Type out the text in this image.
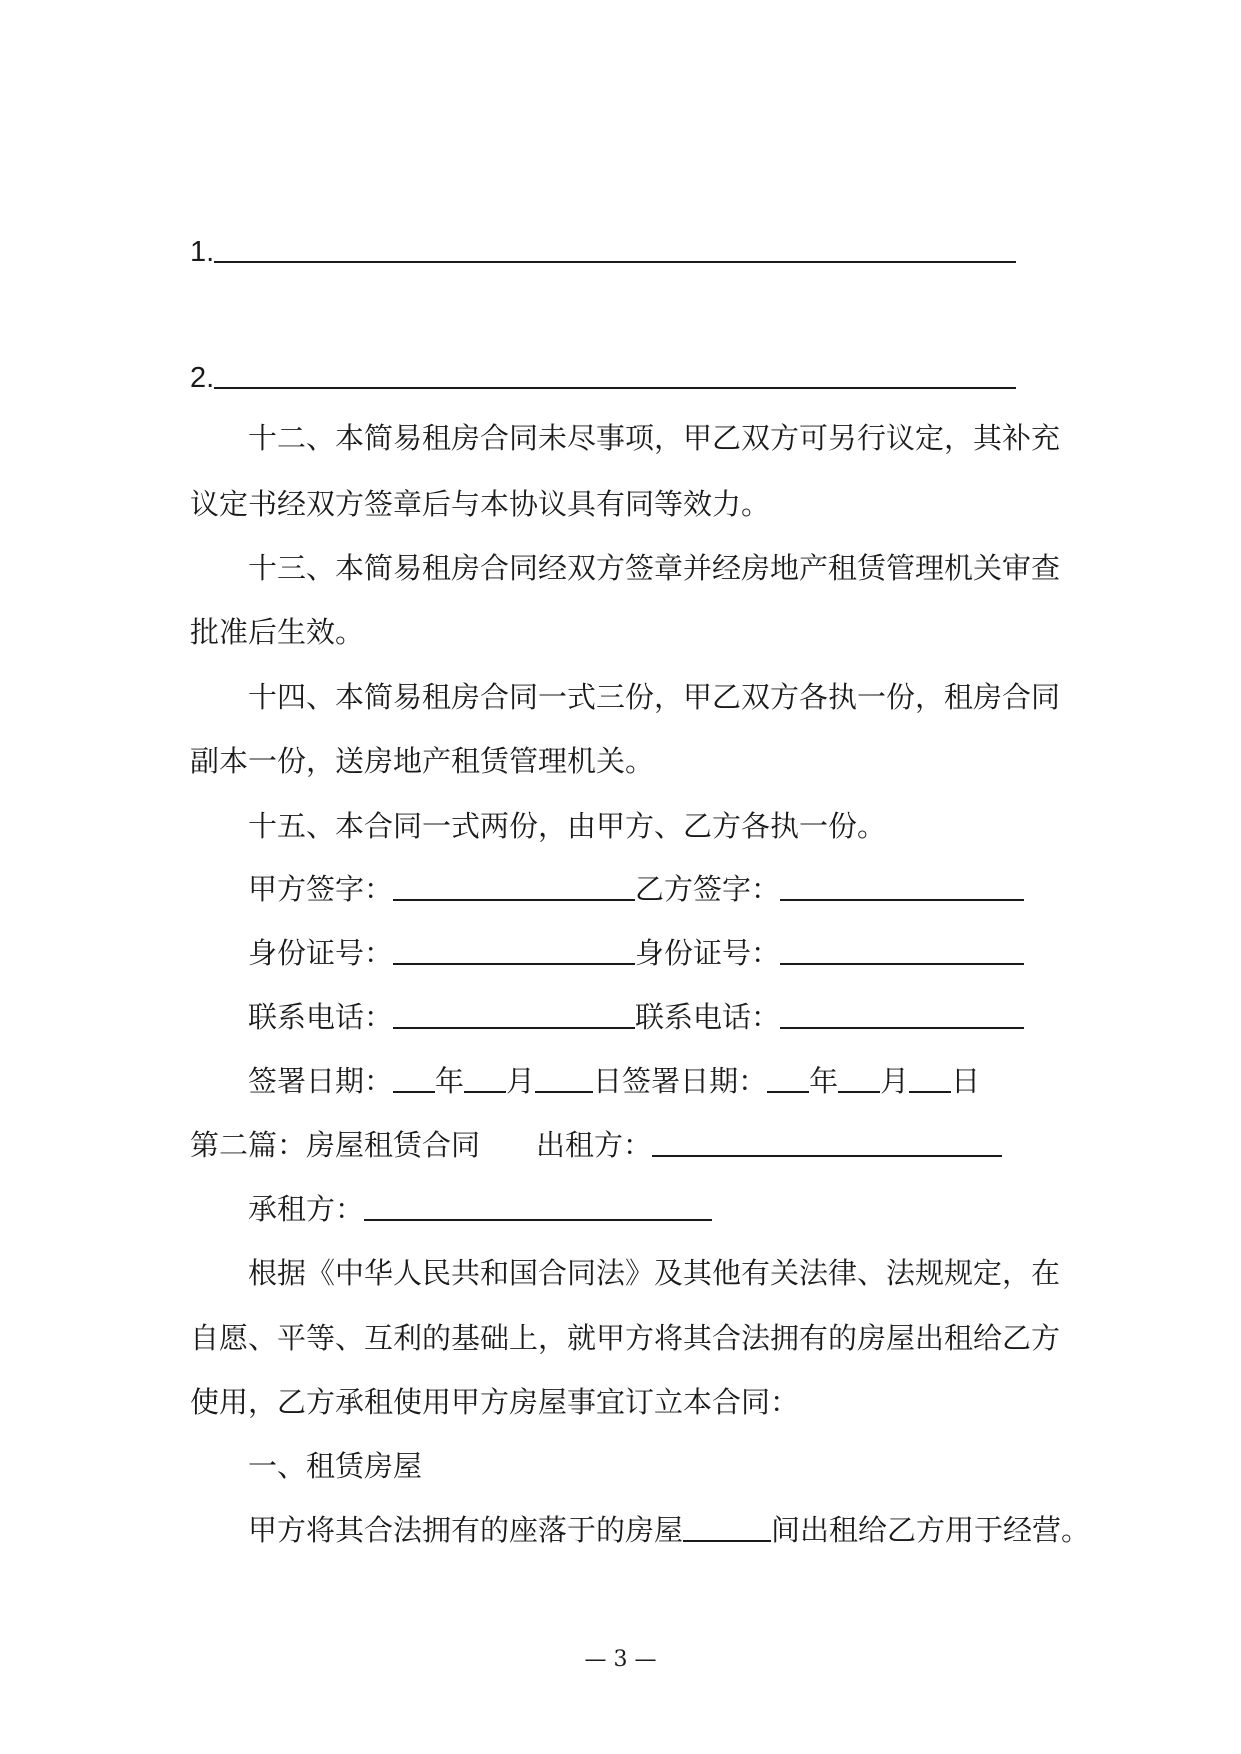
1.
2.
十二、本简易租房合同未尽事项，甲乙双方可另行议定，其补充
议定书经双方签章后与本协议具有同等效力。
十三、本简易租房合同经双方签章并经房地产租赁管理机关审查
批准后生效。
十四、本简易租房合同一式三份，甲乙双方各执一份，租房合同
副本一份，送房地产租赁管理机关。
十五、本合同一式两份，由甲方、乙方各执一份。
甲方签字：	乙方签字：
身份证号：	身份证号：
联系电话：	联系电话：
签署日期： 年 月 日签署日期： 年 月 日
第二篇：房屋租赁合同 出租方：
承租方：
根据《中华人民共和国合同法》及其他有关法律、法规规定，在
自愿、平等、互利的基础上，就甲方将其合法拥有的房屋出租给乙方
使用，乙方承租使用甲方房屋事宜订立本合同：
一、租赁房屋
甲方将其合法拥有的座落于的房屋	间出租给乙方用于经营。
— 3 —
